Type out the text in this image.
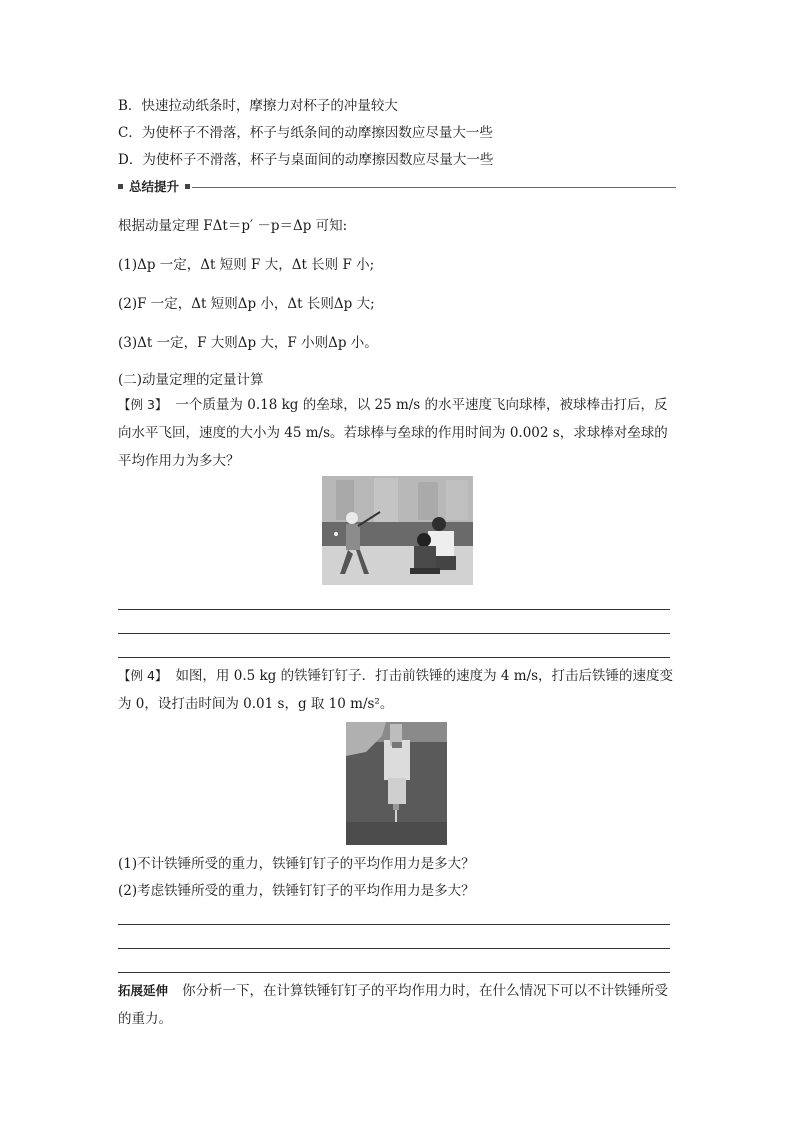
B．快速拉动纸条时，摩擦力对杯子的冲量较大
C．为使杯子不滑落，杯子与纸条间的动摩擦因数应尽量大一些
D．为使杯子不滑落，杯子与桌面间的动摩擦因数应尽量大一些
总结提升
根据动量定理 FΔt＝p′ －p＝Δp 可知:
(1)Δp 一定，Δt 短则 F 大，Δt 长则 F 小;
(2)F 一定，Δt 短则Δp 小，Δt 长则Δp 大;
(3)Δt 一定，F 大则Δp 大，F 小则Δp 小。
(二)动量定理的定量计算
【例 3】 一个质量为 0.18 kg 的垒球，以 25 m/s 的水平速度飞向球棒，被球棒击打后，反向水平飞回，速度的大小为 45 m/s。若球棒与垒球的作用时间为 0.002 s，求球棒对垒球的平均作用力为多大？
【例 4】 如图，用 0.5 kg 的铁锤钉钉子．打击前铁锤的速度为 4 m/s，打击后铁锤的速度变为 0，设打击时间为 0.01 s，g 取 10 m/s²。
(1)不计铁锤所受的重力，铁锤钉钉子的平均作用力是多大？
(2)考虑铁锤所受的重力，铁锤钉钉子的平均作用力是多大？
拓展延伸 你分析一下，在计算铁锤钉钉子的平均作用力时，在什么情况下可以不计铁锤所受的重力。
